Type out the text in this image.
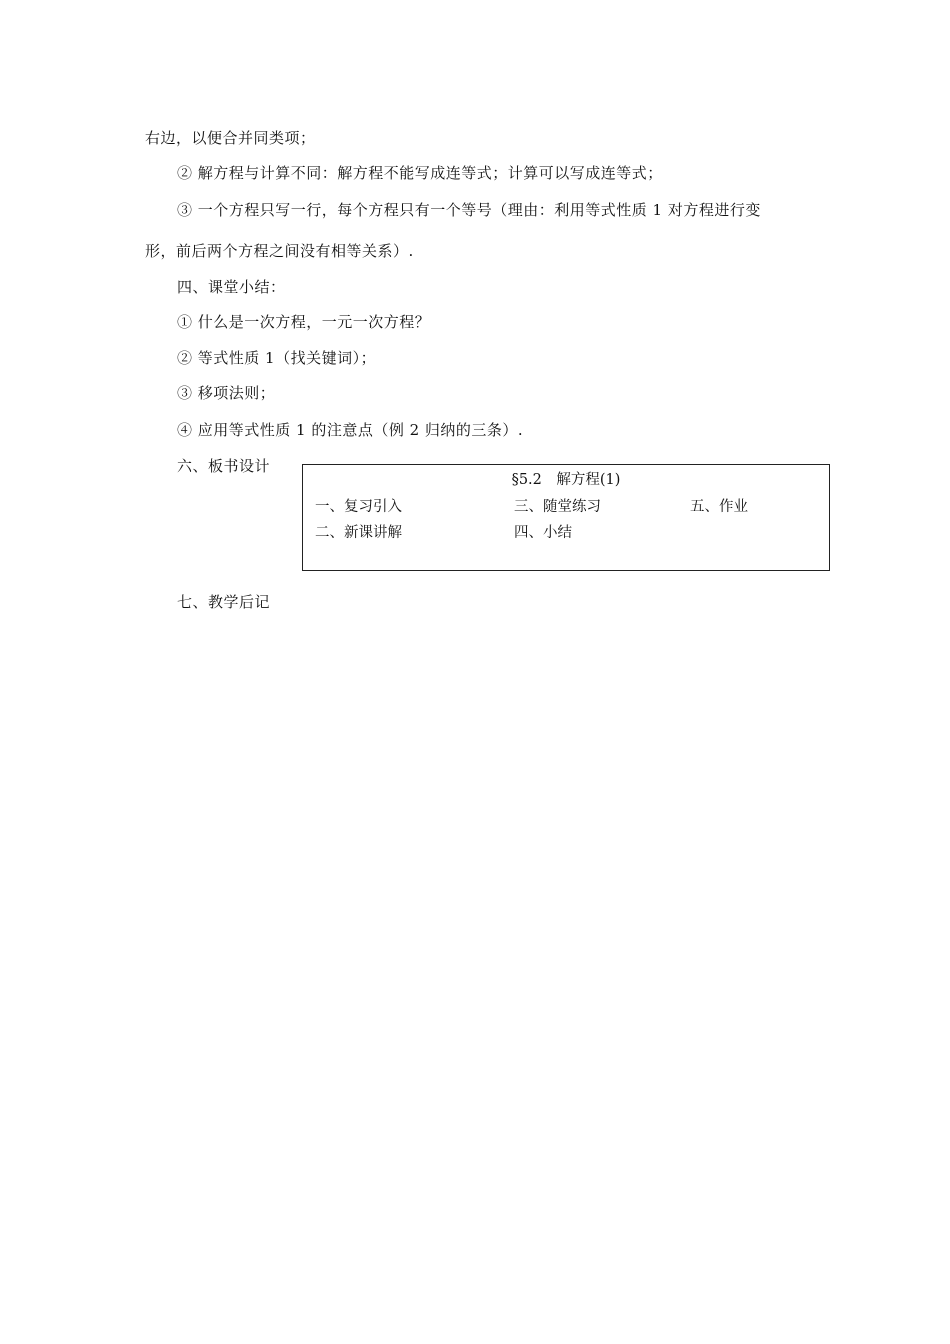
右边，以便合并同类项；
② 解方程与计算不同：解方程不能写成连等式；计算可以写成连等式；
③ 一个方程只写一行，每个方程只有一个等号（理由：利用等式性质 1 对方程进行变
形，前后两个方程之间没有相等关系）.
四、课堂小结：
① 什么是一次方程，一元一次方程？
② 等式性质 1（找关键词）；
③ 移项法则；
④ 应用等式性质 1 的注意点（例 2 归纳的三条）.
六、板书设计
§5.2　解方程(1)
一、复习引入	三、随堂练习	五、作业
二、新课讲解	四、小结
七、教学后记
